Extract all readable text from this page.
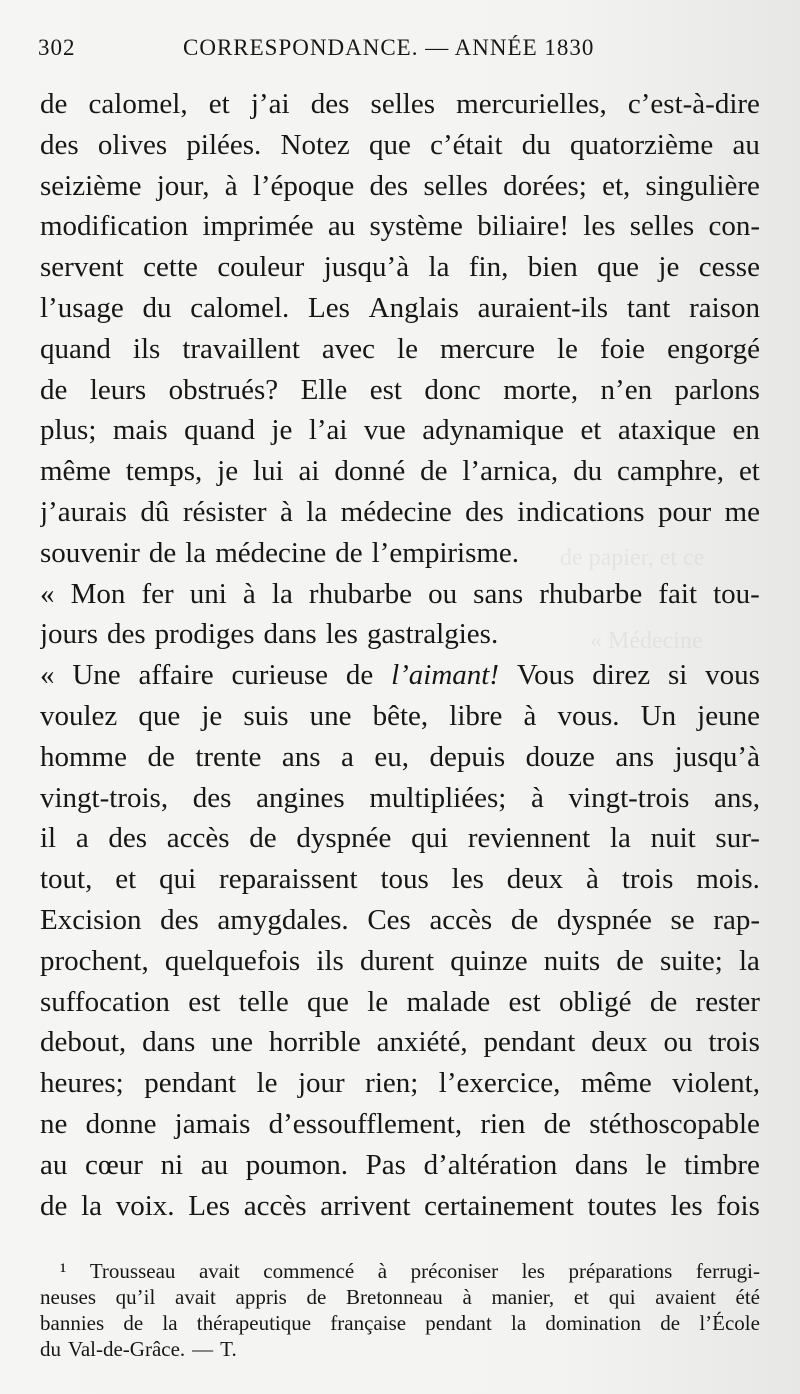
de papier, et ce
« Médecine
302	CORRESPONDANCE. — ANNÉE 1830
de calomel, et j’ai des selles mercurielles, c’est-à-dire
des olives pilées. Notez que c’était du quatorzième au
seizième jour, à l’époque des selles dorées; et, singulière
modification imprimée au système biliaire! les selles con-
servent cette couleur jusqu’à la fin, bien que je cesse
l’usage du calomel. Les Anglais auraient-ils tant raison
quand ils travaillent avec le mercure le foie engorgé
de leurs obstrués? Elle est donc morte, n’en parlons
plus; mais quand je l’ai vue adynamique et ataxique en
même temps, je lui ai donné de l’arnica, du camphre, et
j’aurais dû résister à la médecine des indications pour me
souvenir de la médecine de l’empirisme.
« Mon fer uni à la rhubarbe ou sans rhubarbe fait tou-
jours des prodiges dans les gastralgies.
« Une affaire curieuse de l’aimant! Vous direz si vous
voulez que je suis une bête, libre à vous. Un jeune
homme de trente ans a eu, depuis douze ans jusqu’à
vingt-trois, des angines multipliées; à vingt-trois ans,
il a des accès de dyspnée qui reviennent la nuit sur-
tout, et qui reparaissent tous les deux à trois mois.
Excision des amygdales. Ces accès de dyspnée se rap-
prochent, quelquefois ils durent quinze nuits de suite; la
suffocation est telle que le malade est obligé de rester
debout, dans une horrible anxiété, pendant deux ou trois
heures; pendant le jour rien; l’exercice, même violent,
ne donne jamais d’essoufflement, rien de stéthoscopable
au cœur ni au poumon. Pas d’altération dans le timbre
de la voix. Les accès arrivent certainement toutes les fois
¹ Trousseau avait commencé à préconiser les préparations ferrugi-
neuses qu’il avait appris de Bretonneau à manier, et qui avaient été
bannies de la thérapeutique française pendant la domination de l’École
du Val-de-Grâce. — T.
